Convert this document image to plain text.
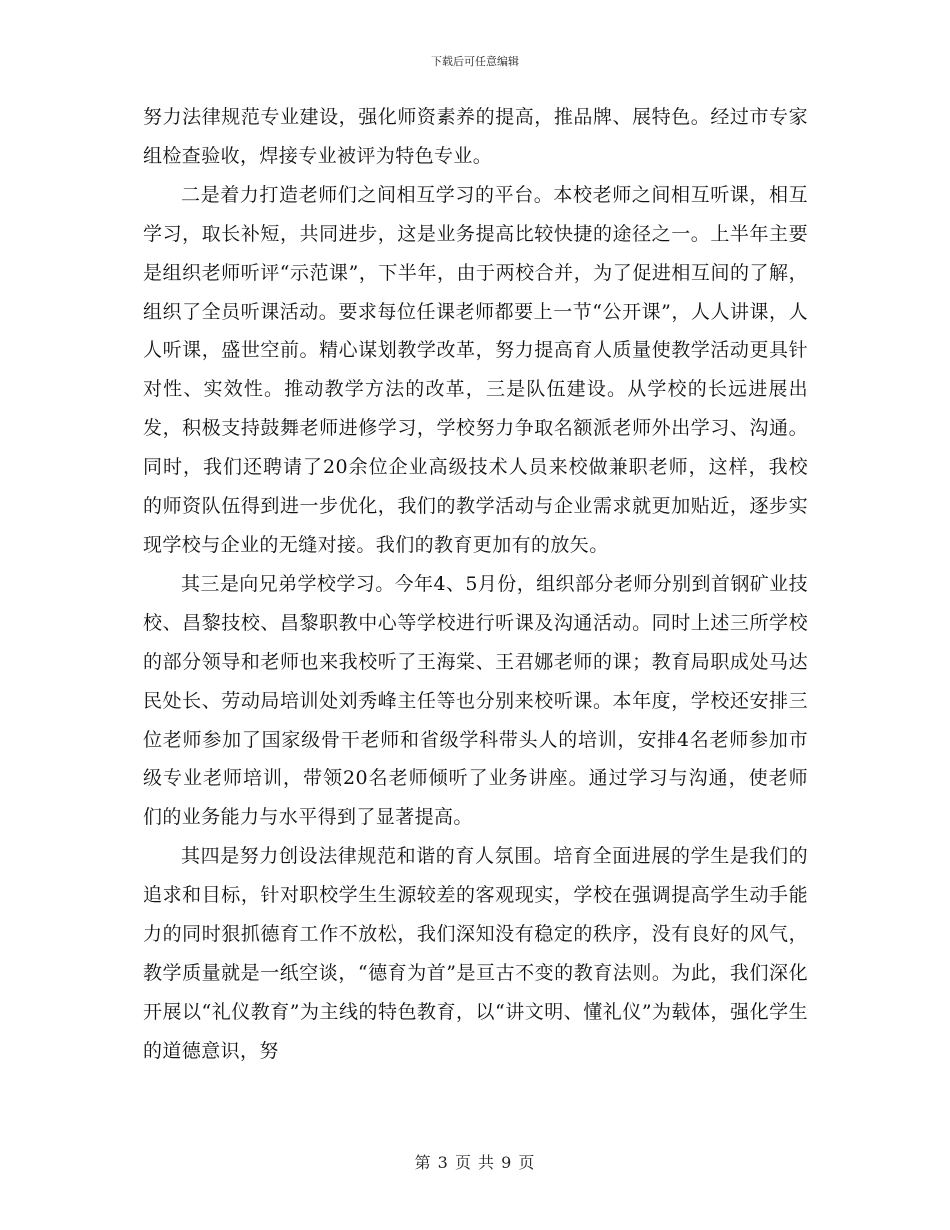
下载后可任意编辑

努力法律规范专业建设，强化师资素养的提高，推品牌、展特色。经过市专家组检查验收，焊接专业被评为特色专业。

二是着力打造老师们之间相互学习的平台。本校老师之间相互听课，相互学习，取长补短，共同进步，这是业务提高比较快捷的途径之一。上半年主要是组织老师听评“示范课”，下半年，由于两校合并，为了促进相互间的了解，组织了全员听课活动。要求每位任课老师都要上一节“公开课”，人人讲课，人人听课，盛世空前。精心谋划教学改革，努力提高育人质量使教学活动更具针对性、实效性。推动教学方法的改革，三是队伍建设。从学校的长远进展出发，积极支持鼓舞老师进修学习，学校努力争取名额派老师外出学习、沟通。同时，我们还聘请了20余位企业高级技术人员来校做兼职老师，这样，我校的师资队伍得到进一步优化，我们的教学活动与企业需求就更加贴近，逐步实现学校与企业的无缝对接。我们的教育更加有的放矢。

其三是向兄弟学校学习。今年4、5月份，组织部分老师分别到首钢矿业技校、昌黎技校、昌黎职教中心等学校进行听课及沟通活动。同时上述三所学校的部分领导和老师也来我校听了王海棠、王君娜老师的课；教育局职成处马达民处长、劳动局培训处刘秀峰主任等也分别来校听课。本年度，学校还安排三位老师参加了国家级骨干老师和省级学科带头人的培训，安排4名老师参加市级专业老师培训，带领20名老师倾听了业务讲座。通过学习与沟通，使老师们的业务能力与水平得到了显著提高。

其四是努力创设法律规范和谐的育人氛围。培育全面进展的学生是我们的追求和目标，针对职校学生生源较差的客观现实，学校在强调提高学生动手能力的同时狠抓德育工作不放松，我们深知没有稳定的秩序，没有良好的风气，教学质量就是一纸空谈，“德育为首”是亘古不变的教育法则。为此，我们深化开展以“礼仪教育”为主线的特色教育，以“讲文明、懂礼仪”为载体，强化学生的道德意识，努

第 3 页 共 9 页
